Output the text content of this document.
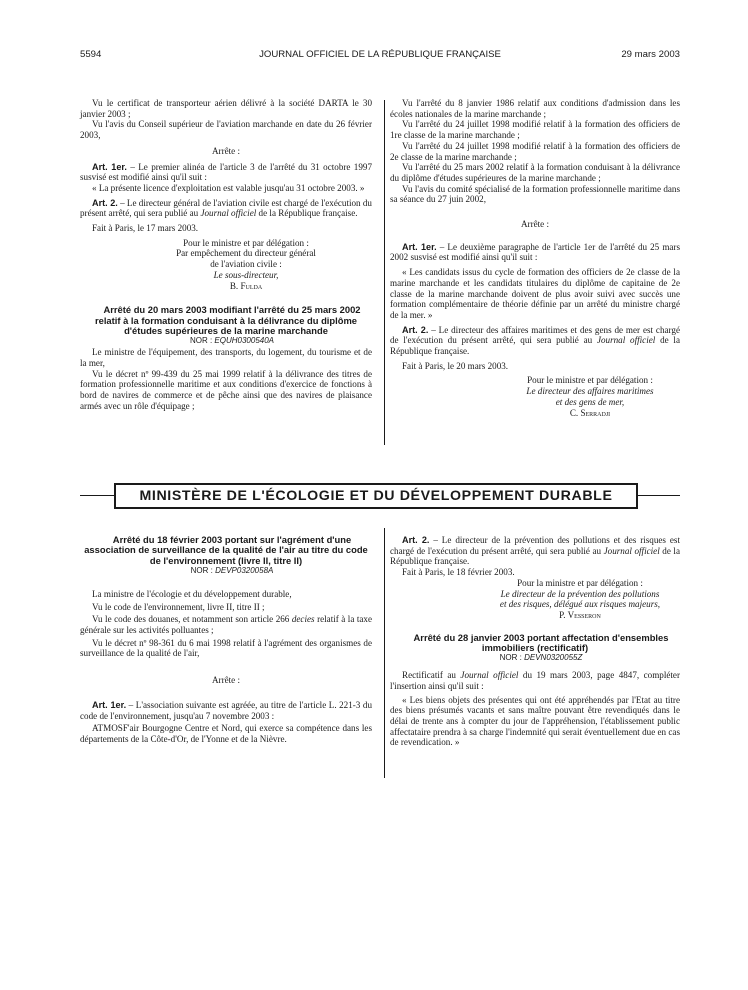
5594	JOURNAL OFFICIEL DE LA RÉPUBLIQUE FRANÇAISE	29 mars 2003

Vu le certificat de transporteur aérien délivré à la société DARTA le 30 janvier 2003 ;

Vu l'avis du Conseil supérieur de l'aviation marchande en date du 26 février 2003,

Arrête :

Art. 1er. – Le premier alinéa de l'article 3 de l'arrêté du 31 octobre 1997 susvisé est modifié ainsi qu'il suit :

« La présente licence d'exploitation est valable jusqu'au 31 octobre 2003. »

Art. 2. – Le directeur général de l'aviation civile est chargé de l'exécution du présent arrêté, qui sera publié au Journal officiel de la République française.

Fait à Paris, le 17 mars 2003.

Pour le ministre et par délégation :

Par empêchement du directeur général

de l'aviation civile :

Le sous-directeur,

B. Fulda

Arrêté du 20 mars 2003 modifiant l'arrêté du 25 mars 2002 relatif à la formation conduisant à la délivrance du diplôme d'études supérieures de la marine marchande

NOR : EQUH0300540A

Le ministre de l'équipement, des transports, du logement, du tourisme et de la mer,

Vu le décret nº 99-439 du 25 mai 1999 relatif à la délivrance des titres de formation professionnelle maritime et aux conditions d'exercice de fonctions à bord de navires de commerce et de pêche ainsi que des navires de plaisance armés avec un rôle d'équipage ;

Vu l'arrêté du 8 janvier 1986 relatif aux conditions d'admission dans les écoles nationales de la marine marchande ;

Vu l'arrêté du 24 juillet 1998 modifié relatif à la formation des officiers de 1re classe de la marine marchande ;

Vu l'arrêté du 24 juillet 1998 modifié relatif à la formation des officiers de 2e classe de la marine marchande ;

Vu l'arrêté du 25 mars 2002 relatif à la formation conduisant à la délivrance du diplôme d'études supérieures de la marine marchande ;

Vu l'avis du comité spécialisé de la formation professionnelle maritime dans sa séance du 27 juin 2002,

Arrête :

Art. 1er. – Le deuxième paragraphe de l'article 1er de l'arrêté du 25 mars 2002 susvisé est modifié ainsi qu'il suit :

« Les candidats issus du cycle de formation des officiers de 2e classe de la marine marchande et les candidats titulaires du diplôme de capitaine de 2e classe de la marine marchande doivent de plus avoir suivi avec succès une formation complémentaire de théorie définie par un arrêté du ministre chargé de la mer. »

Art. 2. – Le directeur des affaires maritimes et des gens de mer est chargé de l'exécution du présent arrêté, qui sera publié au Journal officiel de la République française.

Fait à Paris, le 20 mars 2003.

Pour le ministre et par délégation :

Le directeur des affaires maritimes

et des gens de mer,

C. Serradji

MINISTÈRE DE L'ÉCOLOGIE ET DU DÉVELOPPEMENT DURABLE

Arrêté du 18 février 2003 portant sur l'agrément d'une association de surveillance de la qualité de l'air au titre du code de l'environnement (livre II, titre II)

NOR : DEVP0320058A

La ministre de l'écologie et du développement durable,

Vu le code de l'environnement, livre II, titre II ;

Vu le code des douanes, et notamment son article 266 decies relatif à la taxe générale sur les activités polluantes ;

Vu le décret nº 98-361 du 6 mai 1998 relatif à l'agrément des organismes de surveillance de la qualité de l'air,

Arrête :

Art. 1er. – L'association suivante est agréée, au titre de l'article L. 221-3 du code de l'environnement, jusqu'au 7 novembre 2003 :

ATMOSF'air Bourgogne Centre et Nord, qui exerce sa compétence dans les départements de la Côte-d'Or, de l'Yonne et de la Nièvre.

Art. 2. – Le directeur de la prévention des pollutions et des risques est chargé de l'exécution du présent arrêté, qui sera publié au Journal officiel de la République française.

Fait à Paris, le 18 février 2003.

Pour la ministre et par délégation :

Le directeur de la prévention des pollutions

et des risques, délégué aux risques majeurs,

P. Vesseron

Arrêté du 28 janvier 2003 portant affectation d'ensembles immobiliers (rectificatif)

NOR : DEVN0320055Z

Rectificatif au Journal officiel du 19 mars 2003, page 4847, compléter l'insertion ainsi qu'il suit :

« Les biens objets des présentes qui ont été appréhendés par l'Etat au titre des biens présumés vacants et sans maître pouvant être revendiqués dans le délai de trente ans à compter du jour de l'appréhension, l'établissement public affectataire prendra à sa charge l'indemnité qui serait éventuellement due en cas de revendication. »
